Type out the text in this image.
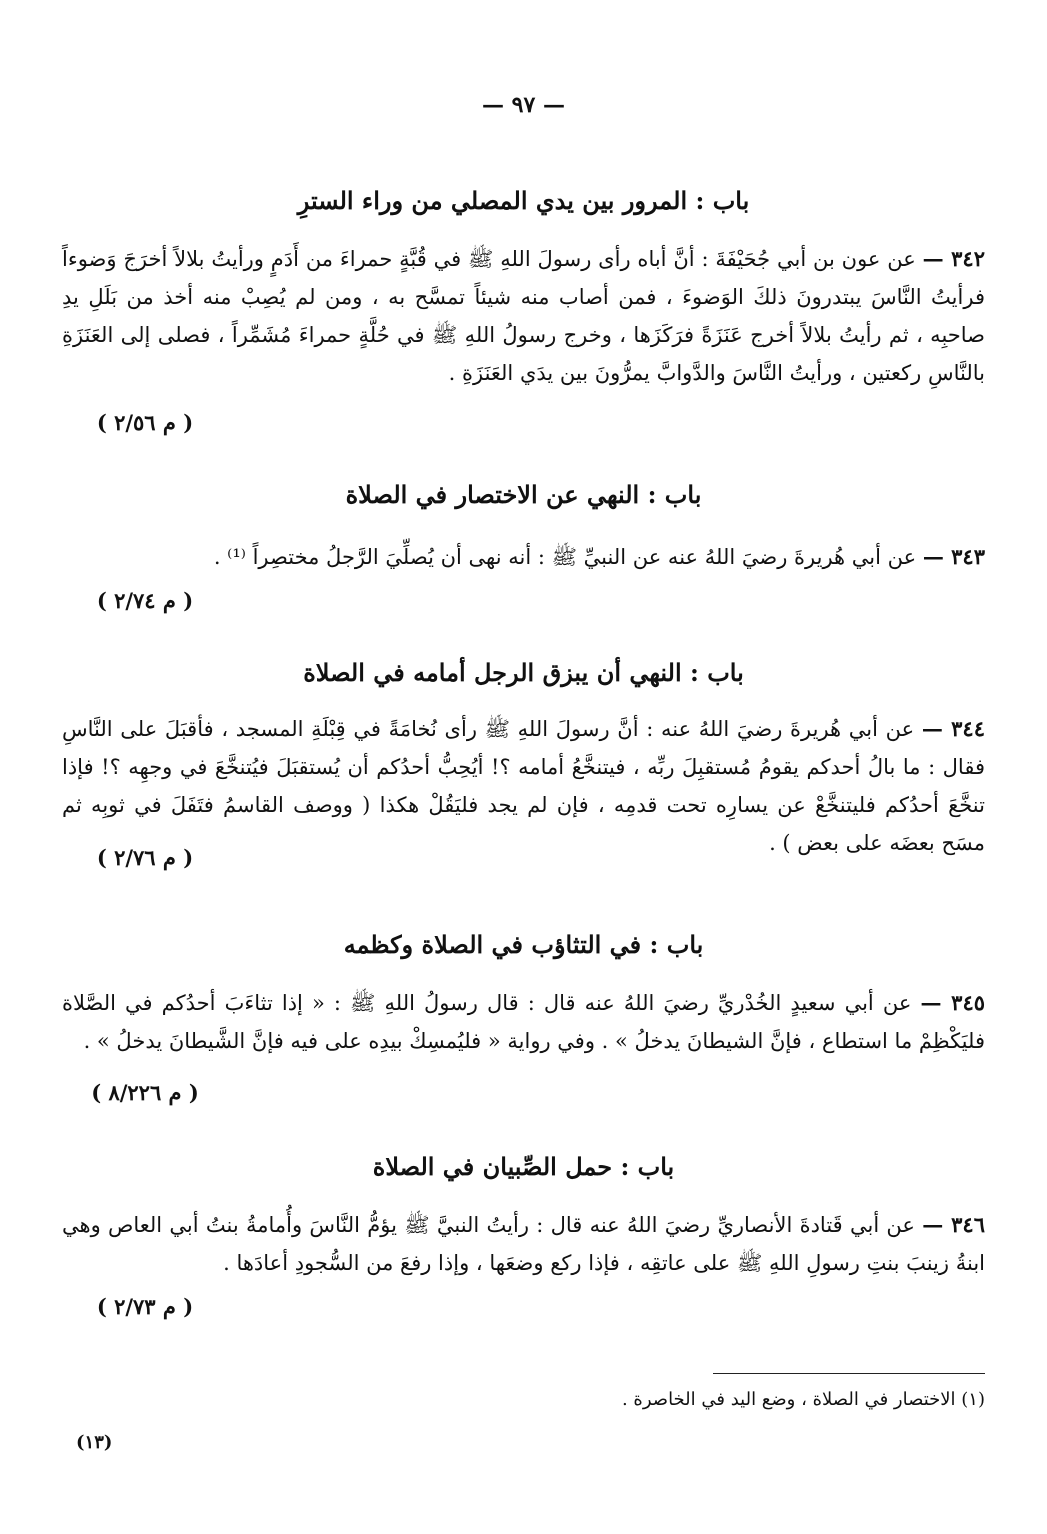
— ٩٧ —
باب : المرور بين يدي المصلي من وراء السترِ

٣٤٢ — عن عون بن أبي جُحَيْفَةَ : أنَّ أباه رأى رسولَ اللهِ ﷺ في قُبَّةٍ حمراءَ من أَدَمٍ ورأيتُ بلالاً أخرَجَ وَضوءاً فرأيتُ النَّاسَ يبتدرونَ ذلكَ الوَضوءَ ، فمن أصاب منه شيئاً تمسَّح به ، ومن لم يُصِبْ منه أخذ من بَلَلِ يدِ صاحبِه ، ثم رأيتُ بلالاً أخرج عَنَزَةً فرَكَزَها ، وخرج رسولُ اللهِ ﷺ في حُلَّةٍ حمراءَ مُشَمِّراً ، فصلى إلى العَنَزَةِ بالنَّاسِ ركعتين ، ورأيتُ النَّاسَ والدَّوابَّ يمرُّونَ بين يدَي العَنَزَةِ .

( م ٢/٥٦ )
باب : النهي عن الاختصار في الصلاة

٣٤٣ — عن أبي هُريرةَ رضيَ اللهُ عنه عن النبيِّ ﷺ : أنه نهى أن يُصلِّيَ الرَّجلُ مختصِراً ⁽¹⁾ .

( م ٢/٧٤ )
باب : النهي أن يبزق الرجل أمامه في الصلاة

٣٤٤ — عن أبي هُريرةَ رضيَ اللهُ عنه : أنَّ رسولَ اللهِ ﷺ رأى نُخامَةً في قِبْلَةِ المسجد ، فأقبَلَ على النَّاسِ فقال : ما بالُ أحدكم يقومُ مُستقبِلَ ربِّه ، فيتنخَّعُ أمامه ؟! أيُحِبُّ أحدُكم أن يُستقبَلَ فيُتنخَّعَ في وجهِه ؟! فإذا تنخَّعَ أحدُكم فليتنخَّعْ عن يسارِه تحت قدمِه ، فإن لم يجد فليَقُلْ هكذا ( ووصف القاسمُ فتَفَلَ في ثوبِه ثم مسَح بعضَه على بعض ) .

( م ٢/٧٦ )
باب : في التثاؤب في الصلاة وكظمه

٣٤٥ — عن أبي سعيدٍ الخُدْريِّ رضيَ اللهُ عنه قال : قال رسولُ اللهِ ﷺ : « إذا تثاءَبَ أحدُكم في الصَّلاة فليَكْظِمْ ما استطاع ، فإنَّ الشيطانَ يدخلُ » . وفي رواية « فليُمسِكْ بيدِه على فيه فإنَّ الشَّيطانَ يدخلُ » .

( م ٨/٢٢٦ )
باب : حمل الصِّبيان في الصلاة

٣٤٦ — عن أبي قَتادةَ الأنصاريِّ رضيَ اللهُ عنه قال : رأيتُ النبيَّ ﷺ يؤمُّ النَّاسَ وأُمامةُ بنتُ أبي العاص وهي ابنةُ زينبَ بنتِ رسولِ اللهِ ﷺ على عاتقِه ، فإذا ركع وضعَها ، وإذا رفعَ من السُّجودِ أعادَها .

( م ٢/٧٣ )
(١) الاختصار في الصلاة ، وضع اليد في الخاصرة .
(١٣)
